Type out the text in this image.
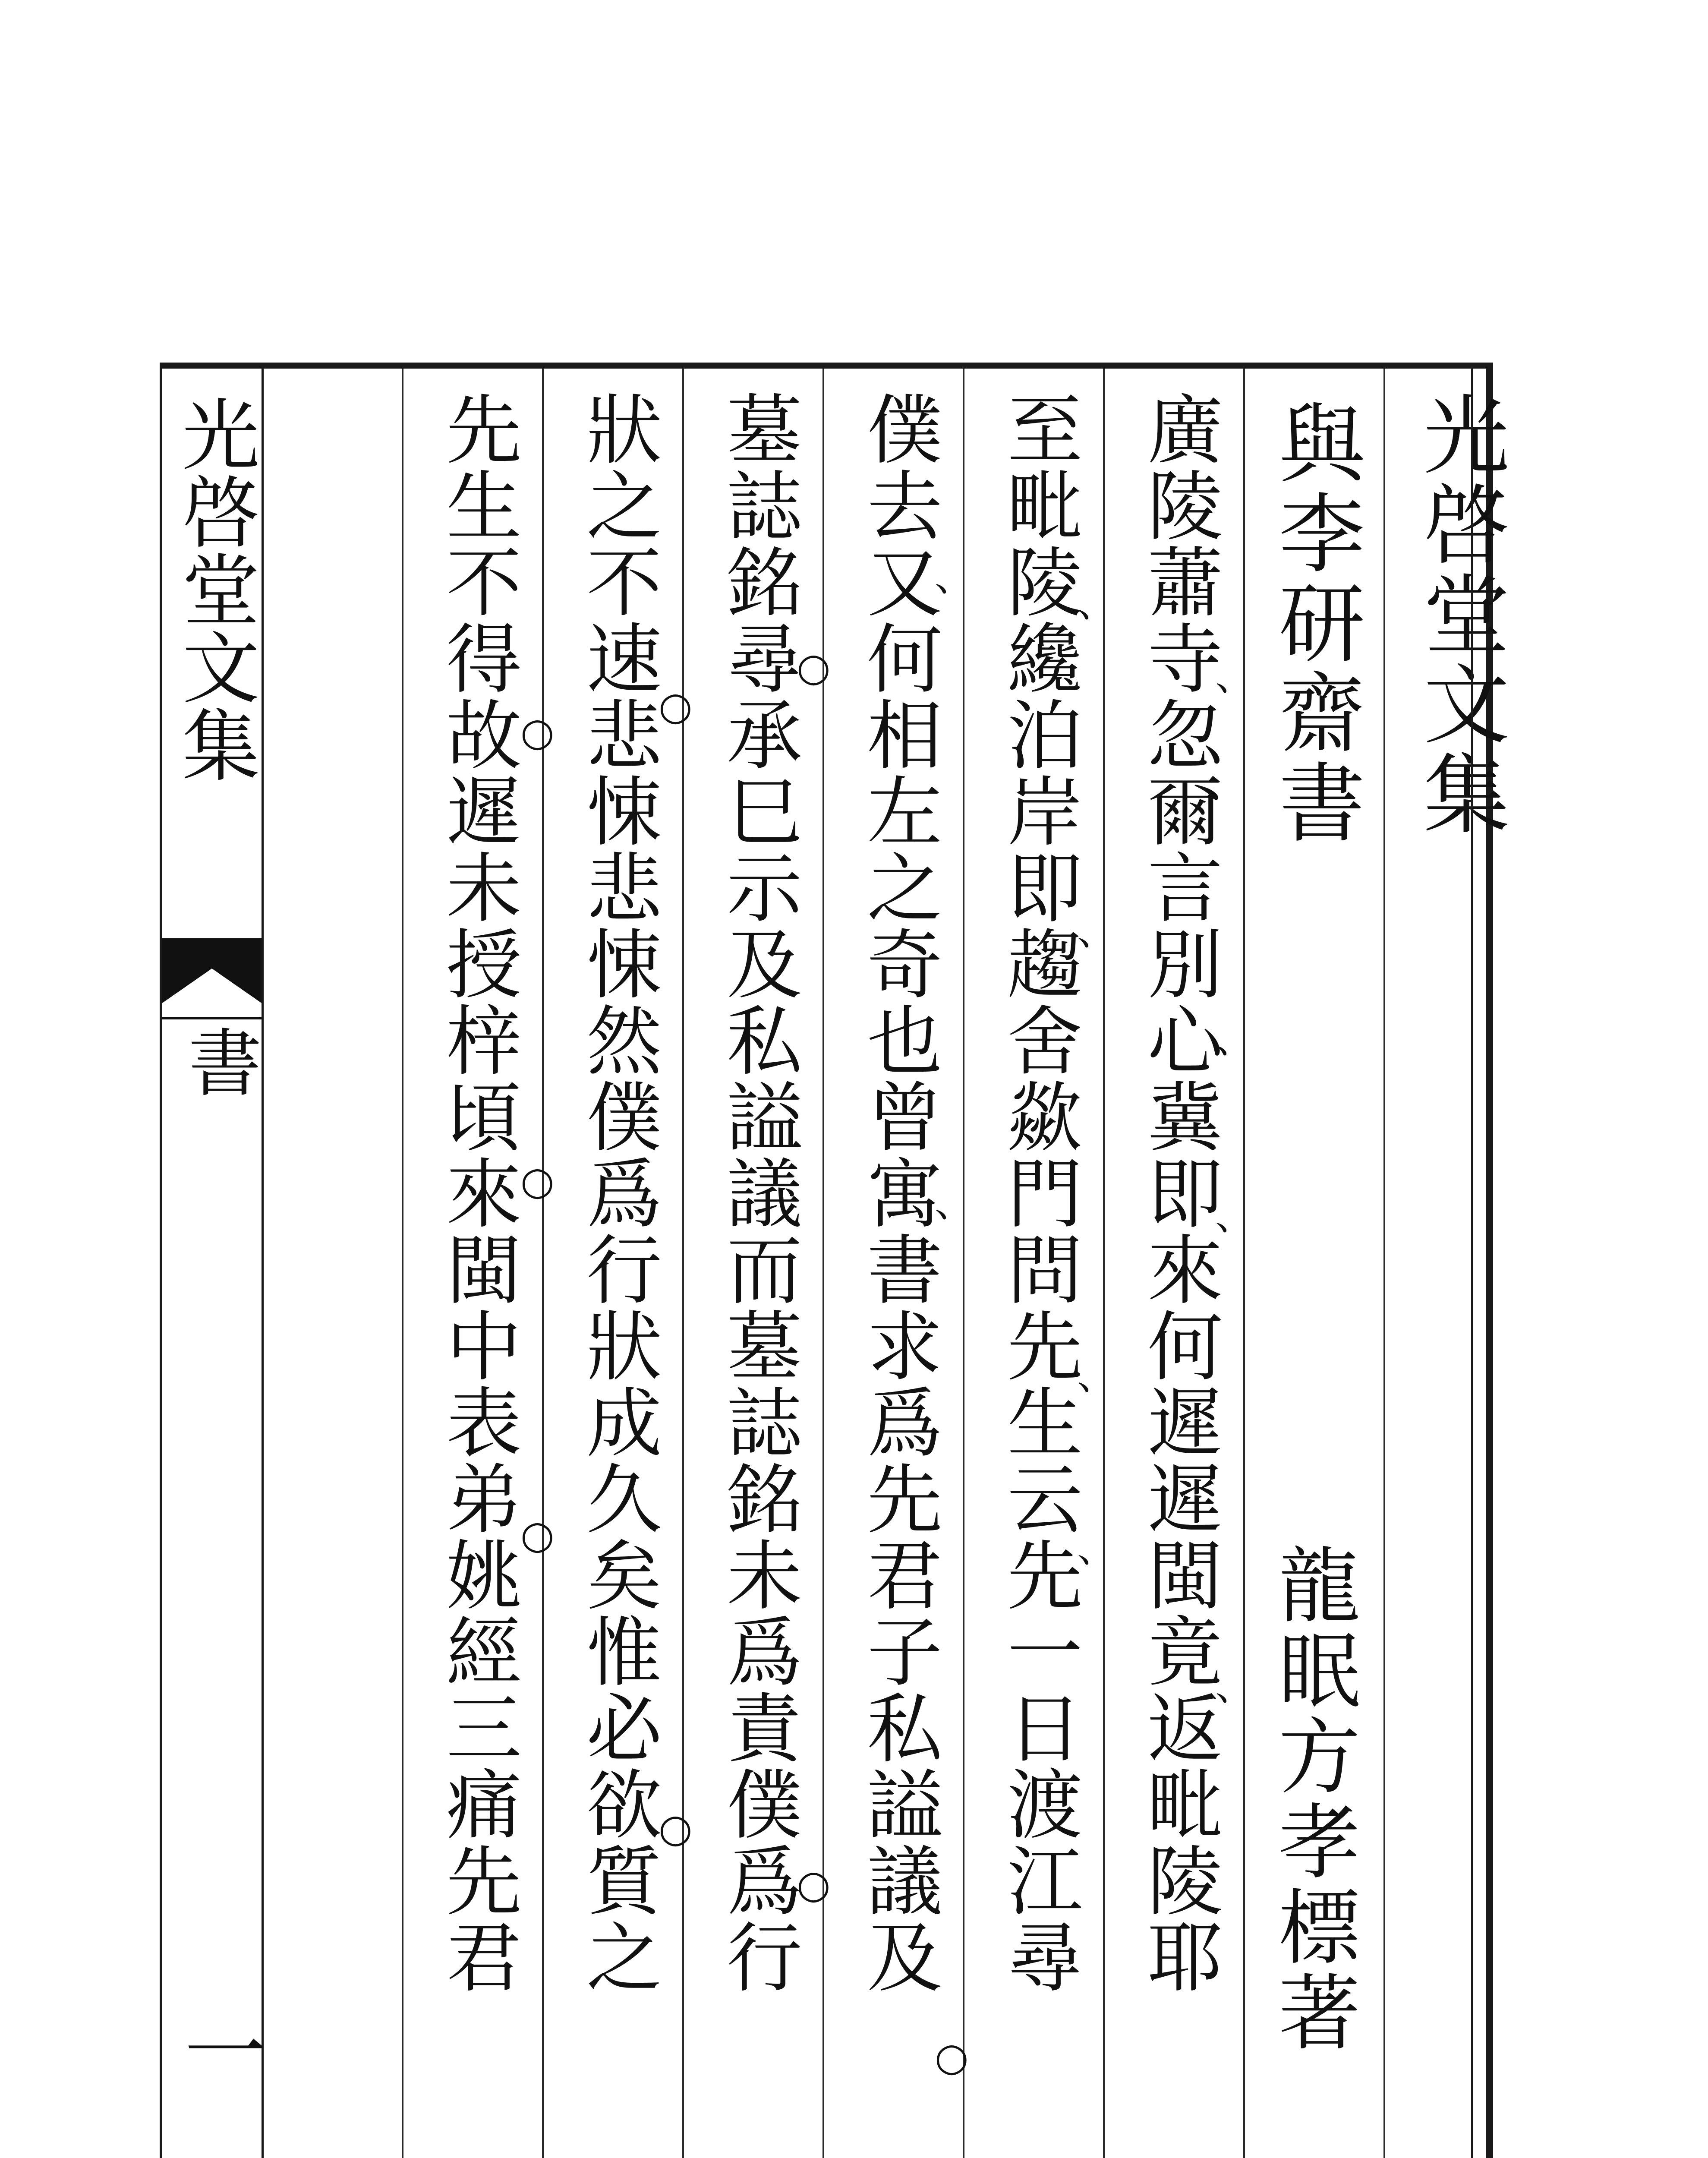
光啓堂文集
書
一
與李研齋書 光啓堂文集
龍眠方孝標著
廣陵蕭寺忽爾言別心冀即來何遲遲閩竟返毗陵耶
至毗陵纔泊岸即趨舍歘門問先生云先一日渡江尋
僕去又何相左之奇也曾寓書求爲先君子私謚議及
墓誌銘尋承巳示及私謚議而墓誌銘未爲責僕爲行
狀之不速悲悚悲悚然僕爲行狀成久矣惟必欲質之
先生不得故遲未授梓頃來閩中表弟姚經三痛先君	、
、
、
、
、
、
、
、
、
、
○
○
○
○
○
○
○
○
